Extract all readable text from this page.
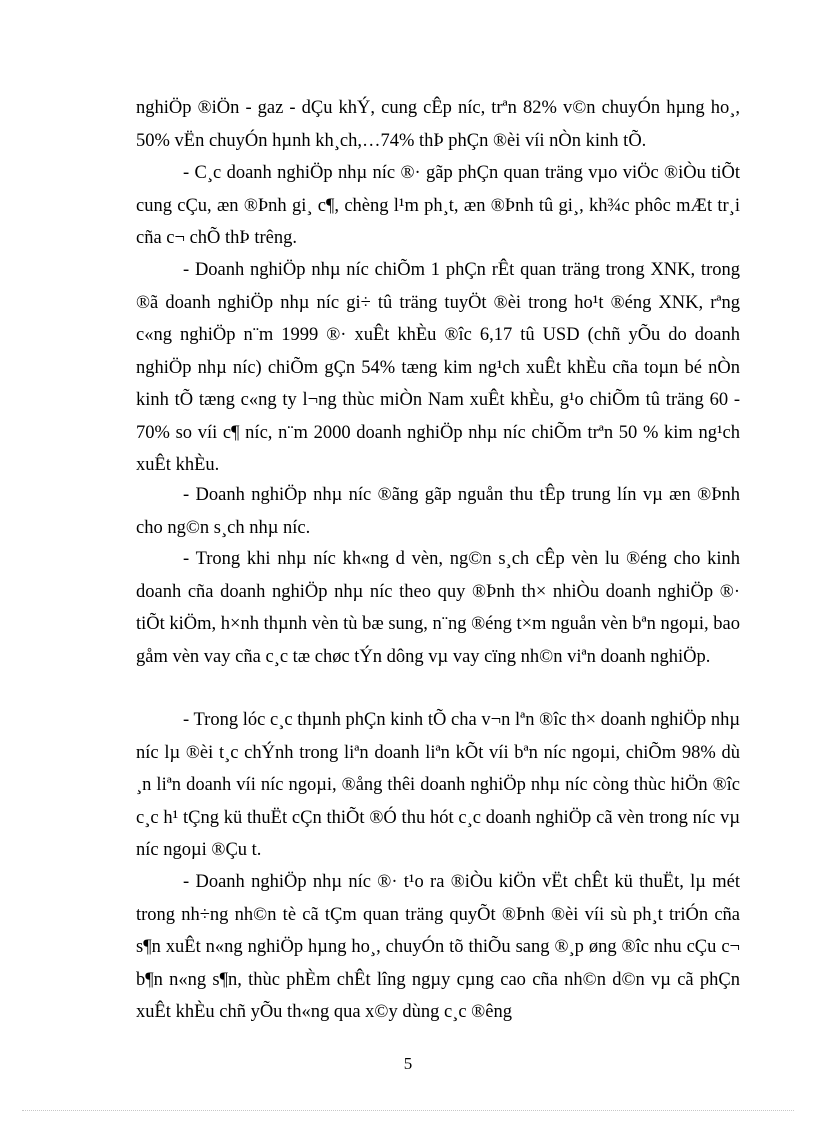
nghiÖp ®iÖn - gaz - dÇu khÝ, cung cÊp níc, trªn 82% v©n chuyÓn hµng ho¸, 50% vËn chuyÓn hµnh kh¸ch,…74% thÞ phÇn ®èi víi nÒn kinh tÕ.

- C¸c doanh nghiÖp nhµ níc ®· gãp phÇn quan träng vµo viÖc ®iÒu tiÕt cung cÇu, æn ®Þnh gi¸ c¶, chèng l¹m ph¸t, æn ®Þnh tû gi¸, kh¾c phôc mÆt tr¸i cña c¬ chÕ thÞ trêng.

- Doanh nghiÖp nhµ níc chiÕm 1 phÇn rÊt quan träng trong XNK, trong ®ã doanh nghiÖp nhµ níc gi÷ tû träng tuyÖt ®èi trong ho¹t ®éng XNK, rªng c«ng nghiÖp n¨m 1999 ®· xuÊt khÈu ®îc 6,17 tû USD (chñ yÕu do doanh nghiÖp nhµ níc) chiÕm gÇn 54% tæng kim ng¹ch xuÊt khÈu cña toµn bé nÒn kinh tÕ tæng c«ng ty l¬ng thùc miÒn Nam xuÊt khÈu, g¹o chiÕm tû träng 60 - 70% so víi c¶ níc, n¨m 2000 doanh nghiÖp nhµ níc chiÕm trªn 50 % kim ng¹ch xuÊt khÈu.

- Doanh nghiÖp nhµ níc ®ãng gãp nguån thu tÊp trung lín vµ æn ®Þnh cho ng©n s¸ch nhµ níc.

- Trong khi nhµ níc kh«ng d vèn, ng©n s¸ch cÊp vèn lu ®éng cho kinh doanh cña doanh nghiÖp nhµ níc theo quy ®Þnh th× nhiÒu doanh nghiÖp ®· tiÕt kiÖm, h×nh thµnh vèn tù bæ sung, n¨ng ®éng t×m nguån vèn bªn ngoµi, bao gåm vèn vay cña c¸c tæ chøc tÝn dông vµ vay cïng nh©n viªn doanh nghiÖp.

- Trong lóc c¸c thµnh phÇn kinh tÕ cha v¬n lªn ®îc th× doanh nghiÖp nhµ níc lµ ®èi t¸c chÝnh trong liªn doanh liªn kÕt víi bªn níc ngoµi, chiÕm 98% dù ¸n liªn doanh víi níc ngoµi, ®ång thêi doanh nghiÖp nhµ níc còng thùc hiÖn ®îc c¸c h¹ tÇng kü thuËt cÇn thiÕt ®Ó thu hót c¸c doanh nghiÖp cã vèn trong níc vµ níc ngoµi ®Çu t.

- Doanh nghiÖp nhµ níc ®· t¹o ra ®iÒu kiÖn vËt chÊt kü thuËt, lµ mét trong nh÷ng nh©n tè cã tÇm quan träng quyÕt ®Þnh ®èi víi sù ph¸t triÓn cña s¶n xuÊt n«ng nghiÖp hµng ho¸, chuyÓn tõ thiÕu sang ®¸p øng ®îc nhu cÇu c¬ b¶n n«ng s¶n, thùc phÈm chÊt lîng ngµy cµng cao cña nh©n d©n vµ cã phÇn xuÊt khÈu chñ yÕu th«ng qua x©y dùng c¸c ®êng

5
